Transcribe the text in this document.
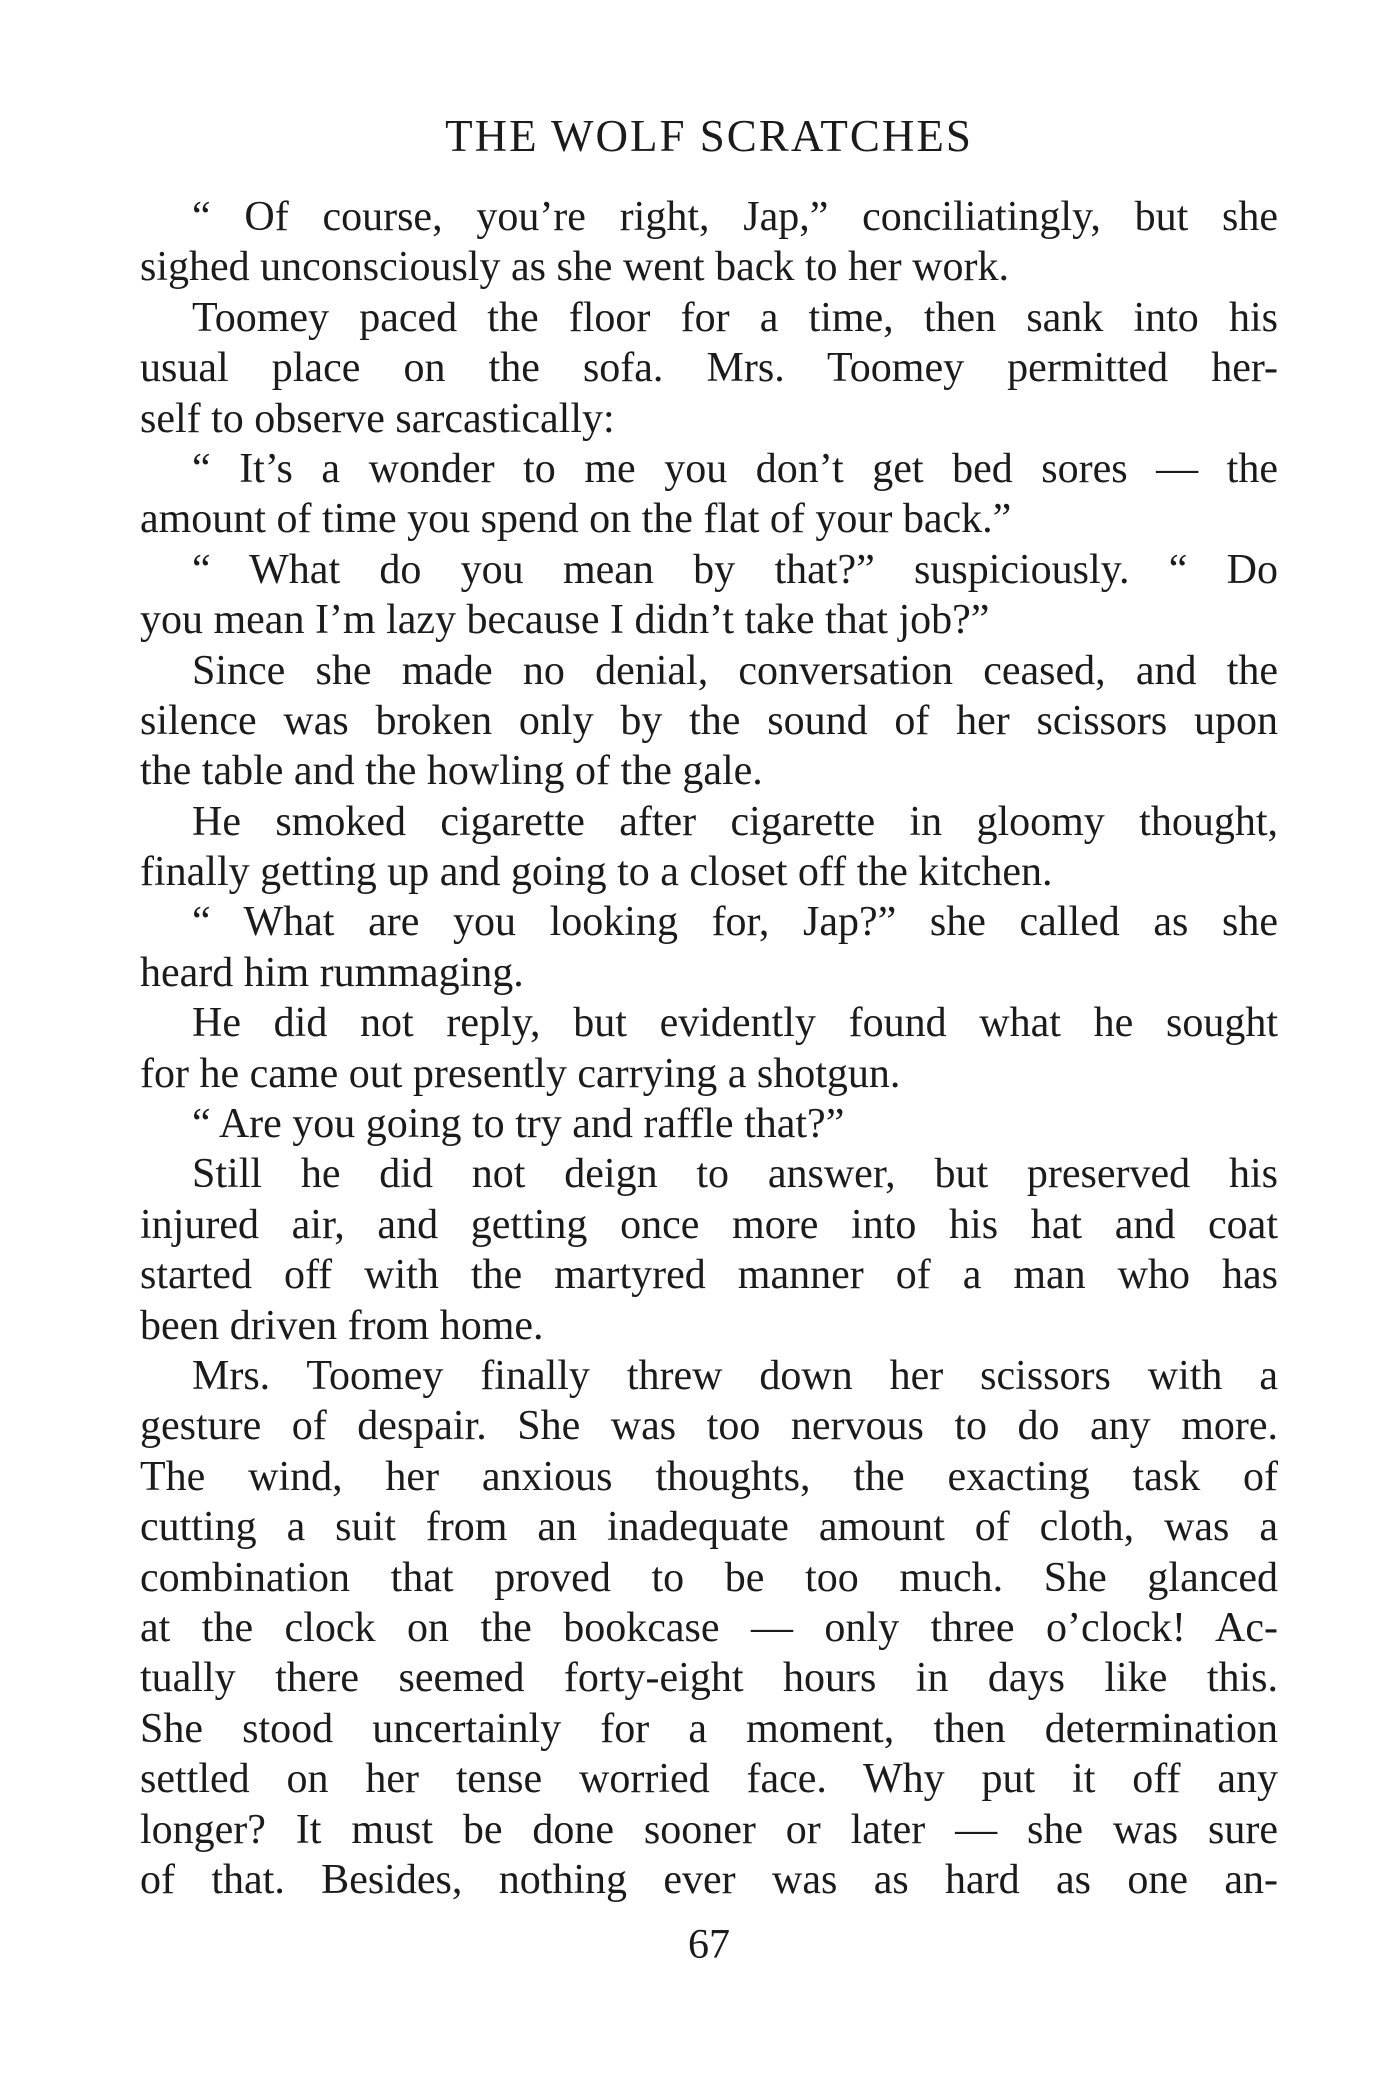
THE WOLF SCRATCHES
“ Of course, you’re right, Jap,” conciliatingly, but she
sighed unconsciously as she went back to her work.
Toomey paced the floor for a time, then sank into his
usual place on the sofa. Mrs. Toomey permitted her-
self to observe sarcastically:
“ It’s a wonder to me you don’t get bed sores — the
amount of time you spend on the flat of your back.”
“ What do you mean by that?” suspiciously. “ Do
you mean I’m lazy because I didn’t take that job?”
Since she made no denial, conversation ceased, and the
silence was broken only by the sound of her scissors upon
the table and the howling of the gale.
He smoked cigarette after cigarette in gloomy thought,
finally getting up and going to a closet off the kitchen.
“ What are you looking for, Jap?” she called as she
heard him rummaging.
He did not reply, but evidently found what he sought
for he came out presently carrying a shotgun.
“ Are you going to try and raffle that?”
Still he did not deign to answer, but preserved his
injured air, and getting once more into his hat and coat
started off with the martyred manner of a man who has
been driven from home.
Mrs. Toomey finally threw down her scissors with a
gesture of despair. She was too nervous to do any more.
The wind, her anxious thoughts, the exacting task of
cutting a suit from an inadequate amount of cloth, was a
combination that proved to be too much. She glanced
at the clock on the bookcase — only three o’clock! Ac-
tually there seemed forty-eight hours in days like this.
She stood uncertainly for a moment, then determination
settled on her tense worried face. Why put it off any
longer? It must be done sooner or later — she was sure
of that. Besides, nothing ever was as hard as one an-
67
